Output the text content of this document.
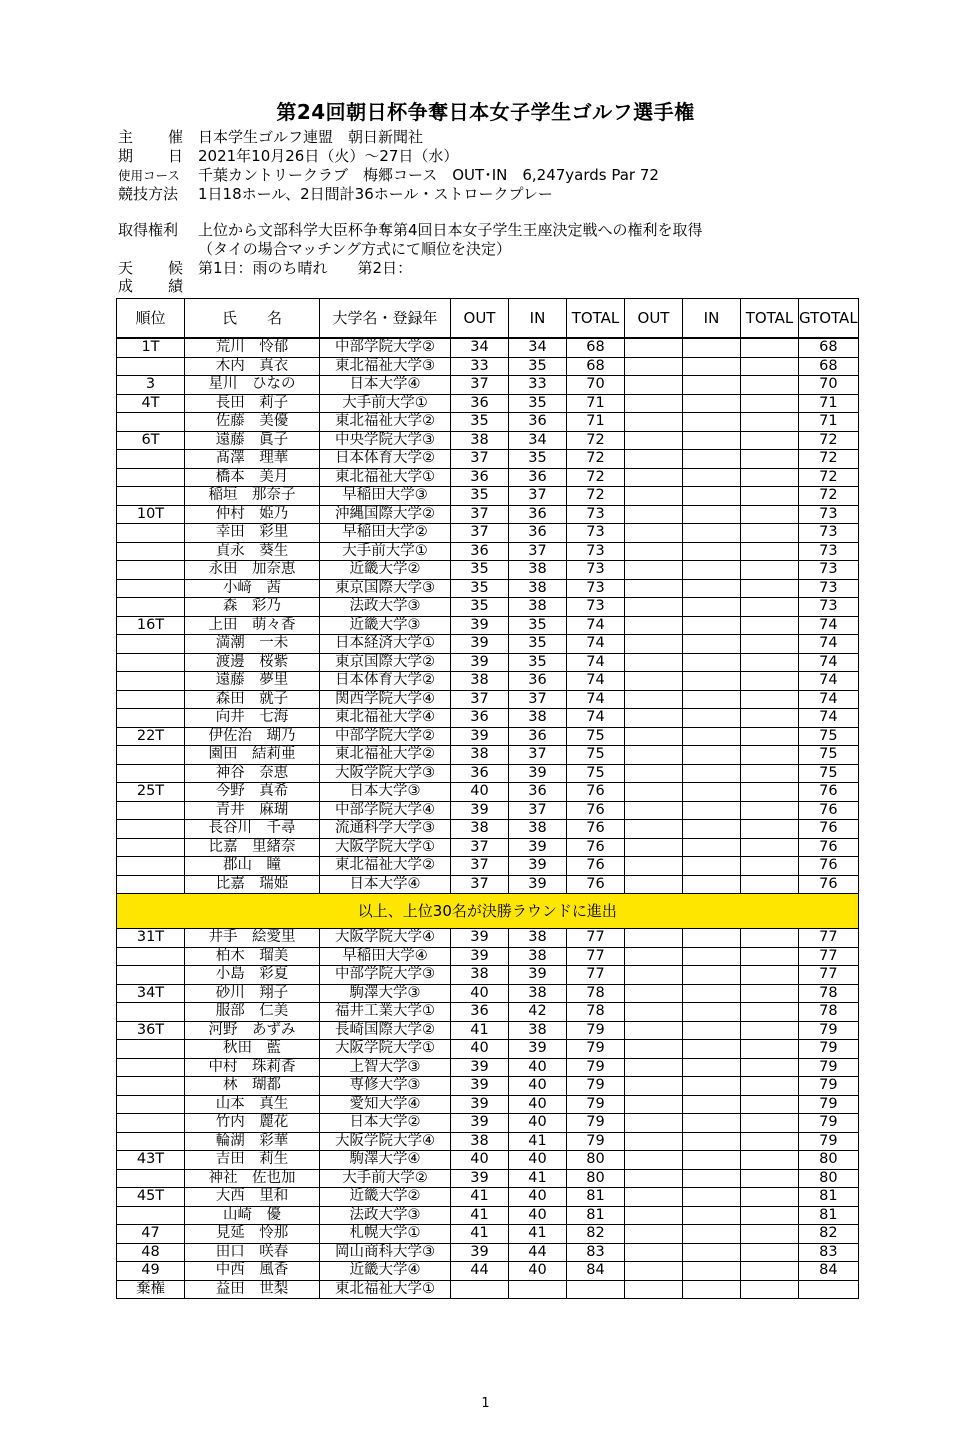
第24回朝日杯争奪日本女子学生ゴルフ選手権
主　催 日本学生ゴルフ連盟　朝日新聞社
期　日 2021年10月26日（火）～27日（水）
使用コース	千葉カントリークラブ　梅郷コース　OUT･IN　6,247yards Par 72
競技方法	1日18ホール、2日間計36ホール・ストロークプレー
取得権利	上位から文部科学大臣杯争奪第4回日本女子学生王座決定戦への権利を取得
（タイの場合マッチング方式にて順位を決定）
天　候 第1日：雨のち晴れ　　第2日：
成　績
順位	氏　　名	大学名・登録年	OUT	IN	TOTAL	OUT	IN	TOTAL	GTOTAL
1T	荒川　怜郁	中部学院大学②	34	34	68				68
	木内　真衣	東北福祉大学③	33	35	68				68
3	星川　ひなの	日本大学④	37	33	70				70
4T	長田　莉子	大手前大学①	36	35	71				71
	佐藤　美優	東北福祉大学②	35	36	71				71
6T	遠藤　眞子	中央学院大学③	38	34	72				72
	髙澤　理華	日本体育大学②	37	35	72				72
	橋本　美月	東北福祉大学①	36	36	72				72
	稲垣　那奈子	早稲田大学③	35	37	72				72
10T	仲村　姫乃	沖縄国際大学②	37	36	73				73
	幸田　彩里	早稲田大学②	37	36	73				73
	貞永　葵生	大手前大学①	36	37	73				73
	永田　加奈恵	近畿大学②	35	38	73				73
	小﨑　茜	東京国際大学③	35	38	73				73
	森　彩乃	法政大学③	35	38	73				73
16T	上田　萌々香	近畿大学③	39	35	74				74
	満潮　一未	日本経済大学①	39	35	74				74
	渡邊　桜紫	東京国際大学②	39	35	74				74
	遠藤　夢里	日本体育大学②	38	36	74				74
	森田　就子	関西学院大学④	37	37	74				74
	向井　七海	東北福祉大学④	36	38	74				74
22T	伊佐治　瑚乃	中部学院大学②	39	36	75				75
	園田　結莉亜	東北福祉大学②	38	37	75				75
	神谷　奈恵	大阪学院大学③	36	39	75				75
25T	今野　真希	日本大学③	40	36	76				76
	青井　麻瑚	中部学院大学④	39	37	76				76
	長谷川　千尋	流通科学大学③	38	38	76				76
	比嘉　里緒奈	大阪学院大学①	37	39	76				76
	郡山　瞳	東北福祉大学②	37	39	76				76
	比嘉　瑞姫	日本大学④	37	39	76				76
以上、上位30名が決勝ラウンドに進出									
31T	井手　絵愛里	大阪学院大学④	39	38	77				77
	柏木　瑠美	早稲田大学④	39	38	77				77
	小島　彩夏	中部学院大学③	38	39	77				77
34T	砂川　翔子	駒澤大学③	40	38	78				78
	服部　仁美	福井工業大学①	36	42	78				78
36T	河野　あずみ	長崎国際大学②	41	38	79				79
	秋田　藍	大阪学院大学①	40	39	79				79
	中村　珠莉香	上智大学③	39	40	79				79
	林　瑚都	専修大学③	39	40	79				79
	山本　真生	愛知大学④	39	40	79				79
	竹内　麗花	日本大学②	39	40	79				79
	輪湖　彩華	大阪学院大学④	38	41	79				79
43T	吉田　莉生	駒澤大学④	40	40	80				80
	神社　佐也加	大手前大学②	39	41	80				80
45T	大西　里和	近畿大学②	41	40	81				81
	山崎　優	法政大学③	41	40	81				81
47	見延　怜那	札幌大学①	41	41	82				82
48	田口　咲春	岡山商科大学③	39	44	83				83
49	中西　風香	近畿大学④	44	40	84				84
棄権	益田　世梨	東北福祉大学①							
1
